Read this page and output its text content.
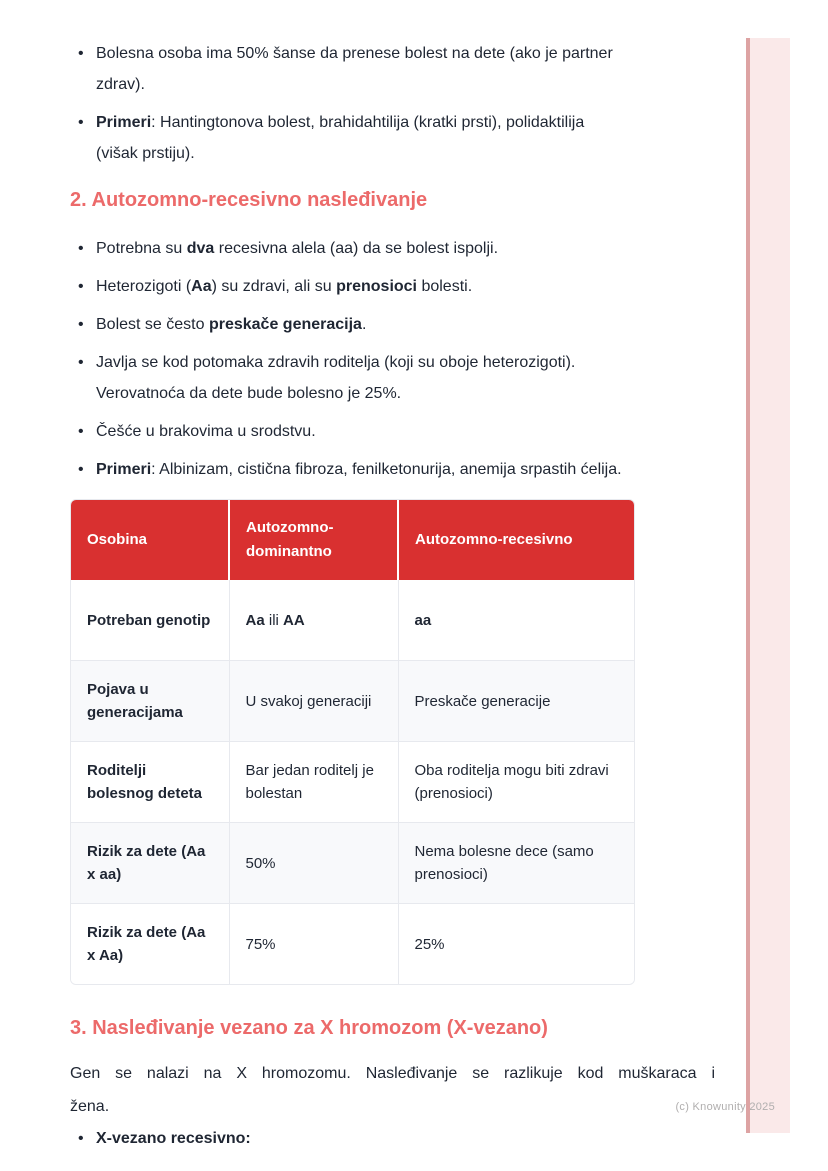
• Bolesna osoba ima 50% šanse da prenese bolest na dete (ako je partner
zdrav).
• Primeri: Hantingtonova bolest, brahidahtilija (kratki prsti), polidaktilija
(višak prstiju).
2. Autozomno-recesivno nasleđivanje
• Potrebna su dva recesivna alela (aa) da se bolest ispolji.
• Heterozigoti (Aa) su zdravi, ali su prenosioci bolesti.
• Bolest se često preskače generacija.
• Javlja se kod potomaka zdravih roditelja (koji su oboje heterozigoti).
Verovatnoća da dete bude bolesno je 25%.
• Češće u brakovima u srodstvu.
• Primeri: Albinizam, cistična fibroza, fenilketonurija, anemija srpastih ćelija.
Osobina	Autozomno-dominantno	Autozomno-recesivno
Potreban genotip	Aa ili AA	aa
Pojava u generacijama	U svakoj generaciji	Preskače generacije
Roditelji bolesnog deteta	Bar jedan roditelj je bolestan	Oba roditelja mogu biti zdravi (prenosioci)
Rizik za dete (Aa x aa)	50%	Nema bolesne dece (samo prenosioci)
Rizik za dete (Aa x Aa)	75%	25%
3. Nasleđivanje vezano za X hromozom (X-vezano)
Gen se nalazi na X hromozomu. Nasleđivanje se razlikuje kod muškaraca i
žena.
• X-vezano recesivno:
(c) Knowunity 2025
